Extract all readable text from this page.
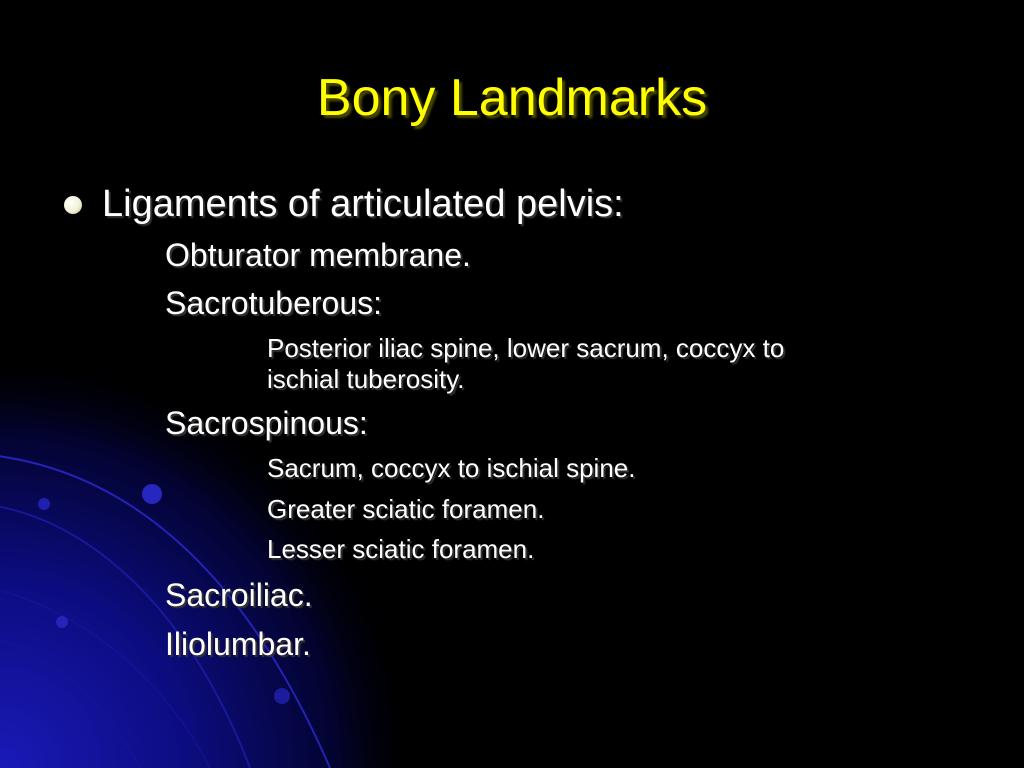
Bony Landmarks
Ligaments of articulated pelvis:
Obturator membrane.
Sacrotuberous:
Posterior iliac spine, lower sacrum, coccyx to
ischial tuberosity.
Sacrospinous:
Sacrum, coccyx to ischial spine.
Greater sciatic foramen.
Lesser sciatic foramen.
Sacroiliac.
Iliolumbar.
